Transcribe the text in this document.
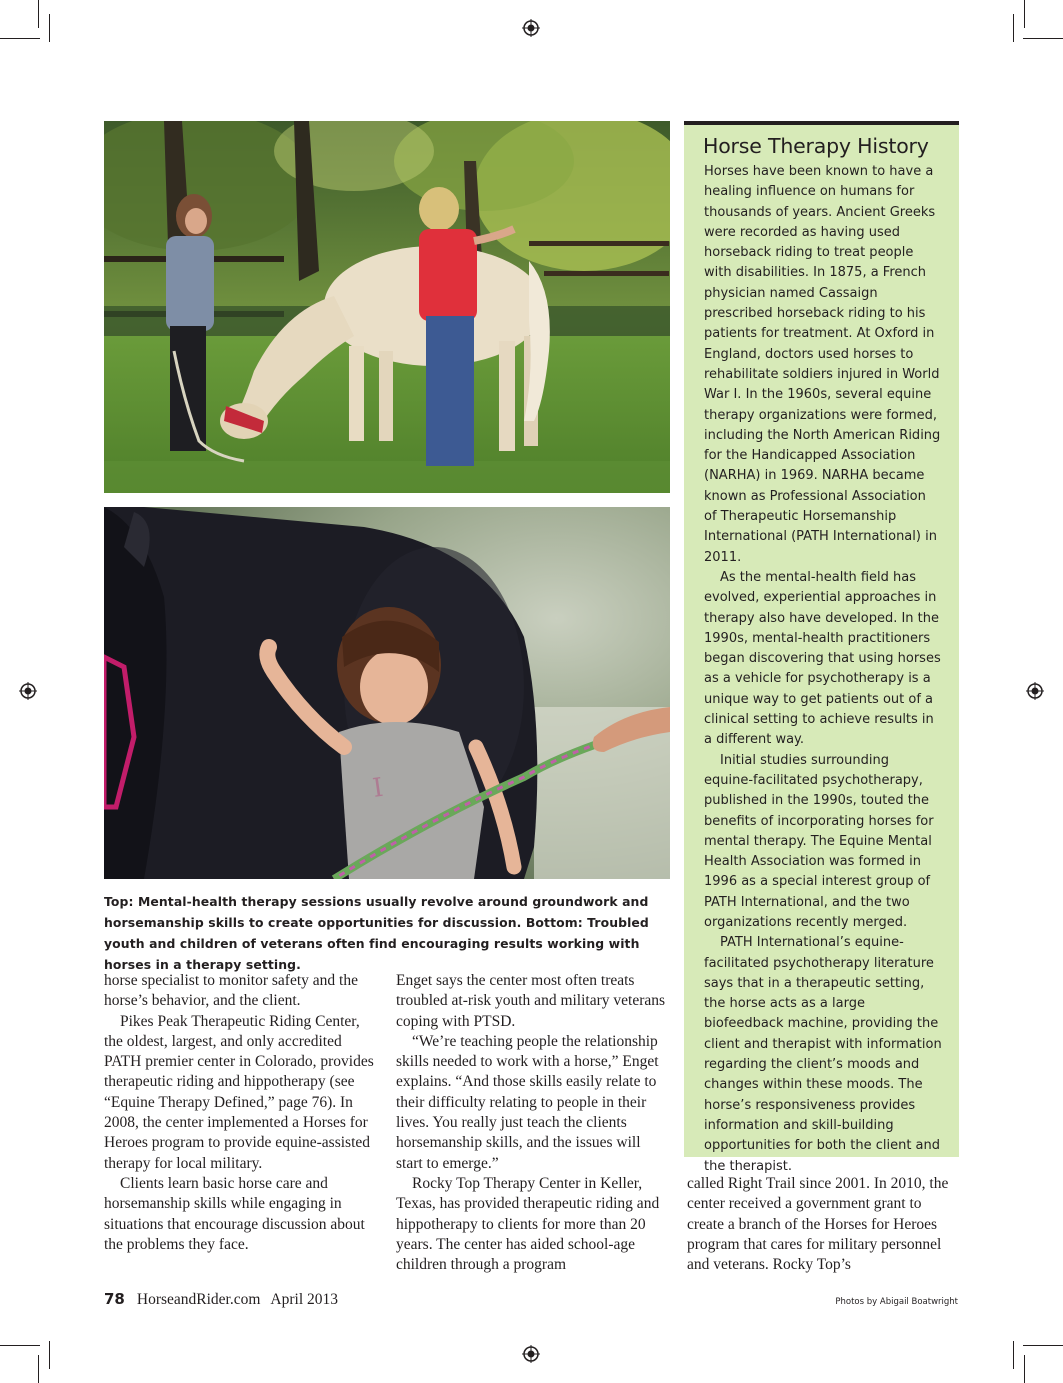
I
Top: Mental-health therapy sessions usually revolve around groundwork and horsemanship skills to create opportunities for discussion. Bottom: Troubled youth and children of veterans often find encouraging results working with horses in a therapy setting.

horse specialist to monitor safety and the horse’s behavior, and the client.

Pikes Peak Therapeutic Riding Center, the oldest, largest, and only accredited PATH premier center in Colorado, provides therapeutic riding and hippotherapy (see “Equine Therapy Defined,” page 76). In 2008, the center implemented a Horses for Heroes program to provide equine-assisted therapy for local military.

Clients learn basic horse care and horsemanship skills while engaging in situations that encourage discussion about the problems they face.

Enget says the center most often treats troubled at-risk youth and military veterans coping with PTSD.

“We’re teaching people the relationship skills needed to work with a horse,” Enget explains. “And those skills easily relate to their difficulty relating to people in their lives. You really just teach the clients horsemanship skills, and the issues will start to emerge.”

Rocky Top Therapy Center in Keller, Texas, has provided therapeutic riding and hippotherapy to clients for more than 20 years. The center has aided school-age children through a program

called Right Trail since 2001. In 2010, the center received a government grant to create a branch of the Horses for Heroes program that cares for military personnel and veterans. Rocky Top’s

Horse Therapy History

Horses have been known to have a healing influence on humans for thousands of years. Ancient Greeks were recorded as having used horseback riding to treat people with disabilities. In 1875, a French physician named Cassaign prescribed horseback riding to his patients for treatment. At Oxford in England, doctors used horses to rehabilitate soldiers injured in World War I. In the 1960s, several equine therapy organizations were formed, including the North American Riding for the Handicapped Association (NARHA) in 1969. NARHA became known as Professional Association of Therapeutic Horsemanship International (PATH International) in 2011.

As the mental-health field has evolved, experiential approaches in therapy also have developed. In the 1990s, mental-health practitioners began discovering that using horses as a vehicle for psychotherapy is a unique way to get patients out of a clinical setting to achieve results in a different way.

Initial studies surrounding equine-facilitated psychotherapy, published in the 1990s, touted the benefits of incorporating horses for mental therapy. The Equine Mental Health Association was formed in 1996 as a special interest group of PATH International, and the two organizations recently merged.

PATH International’s equine-facilitated psychotherapy literature says that in a therapeutic setting, the horse acts as a large biofeedback machine, providing the client and therapist with information regarding the client’s moods and changes within these moods. The horse’s responsiveness provides information and skill-building opportunities for both the client and the therapist.

78 HorseandRider.com April 2013	Photos by Abigail Boatwright
